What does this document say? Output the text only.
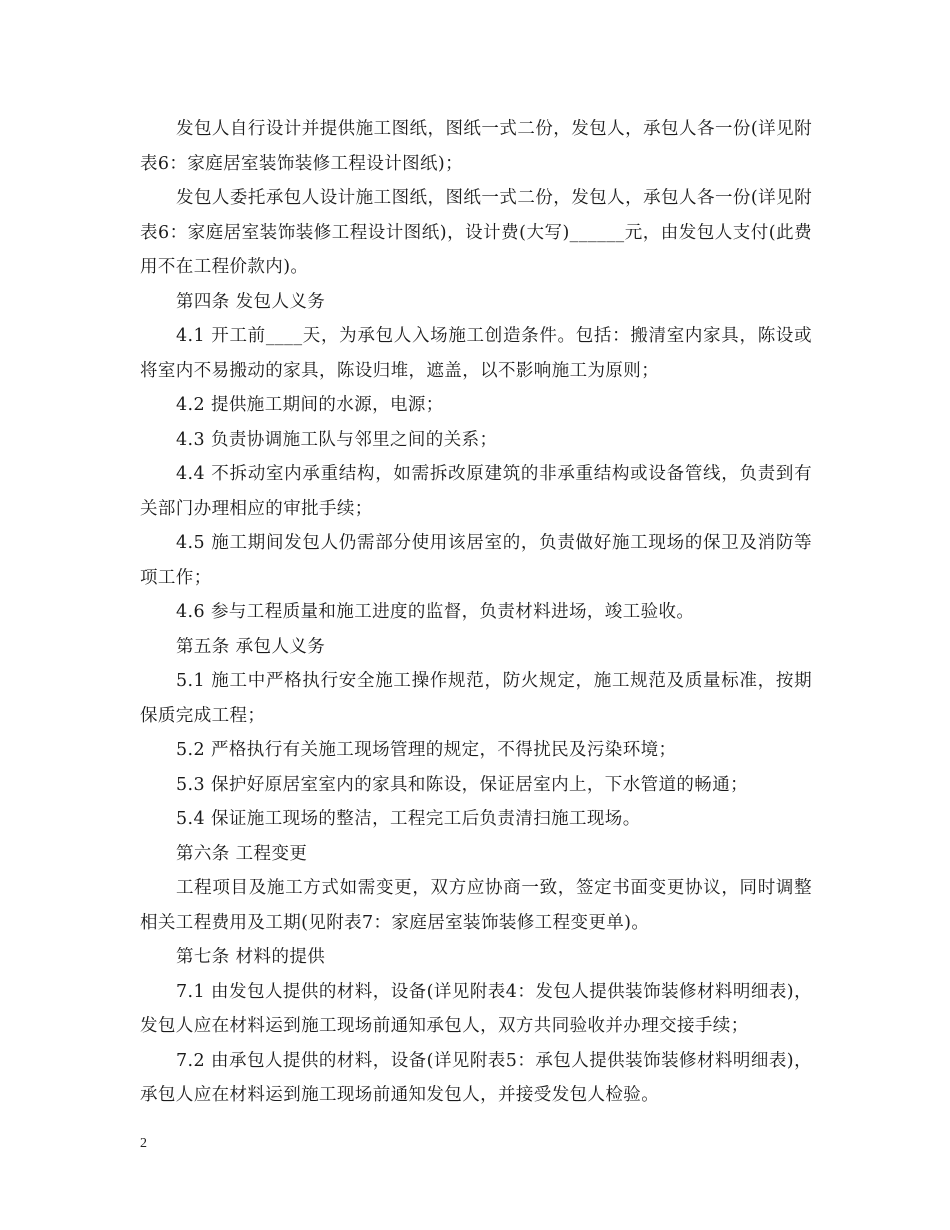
发包人自行设计并提供施工图纸，图纸一式二份，发包人，承包人各一份(详见附表6：家庭居室装饰装修工程设计图纸)；

发包人委托承包人设计施工图纸，图纸一式二份，发包人，承包人各一份(详见附表6：家庭居室装饰装修工程设计图纸)，设计费(大写)______元，由发包人支付(此费用不在工程价款内)。

第四条 发包人义务

4.1 开工前____天，为承包人入场施工创造条件。包括：搬清室内家具，陈设或将室内不易搬动的家具，陈设归堆，遮盖，以不影响施工为原则；

4.2 提供施工期间的水源，电源；

4.3 负责协调施工队与邻里之间的关系；

4.4 不拆动室内承重结构，如需拆改原建筑的非承重结构或设备管线，负责到有关部门办理相应的审批手续；

4.5 施工期间发包人仍需部分使用该居室的，负责做好施工现场的保卫及消防等项工作；

4.6 参与工程质量和施工进度的监督，负责材料进场，竣工验收。

第五条 承包人义务

5.1 施工中严格执行安全施工操作规范，防火规定，施工规范及质量标准，按期保质完成工程；

5.2 严格执行有关施工现场管理的规定，不得扰民及污染环境；

5.3 保护好原居室室内的家具和陈设，保证居室内上，下水管道的畅通；

5.4 保证施工现场的整洁，工程完工后负责清扫施工现场。

第六条 工程变更

工程项目及施工方式如需变更，双方应协商一致，签定书面变更协议，同时调整相关工程费用及工期(见附表7：家庭居室装饰装修工程变更单)。

第七条 材料的提供

7.1 由发包人提供的材料，设备(详见附表4：发包人提供装饰装修材料明细表)，发包人应在材料运到施工现场前通知承包人，双方共同验收并办理交接手续；

7.2 由承包人提供的材料，设备(详见附表5：承包人提供装饰装修材料明细表)，承包人应在材料运到施工现场前通知发包人，并接受发包人检验。

2
